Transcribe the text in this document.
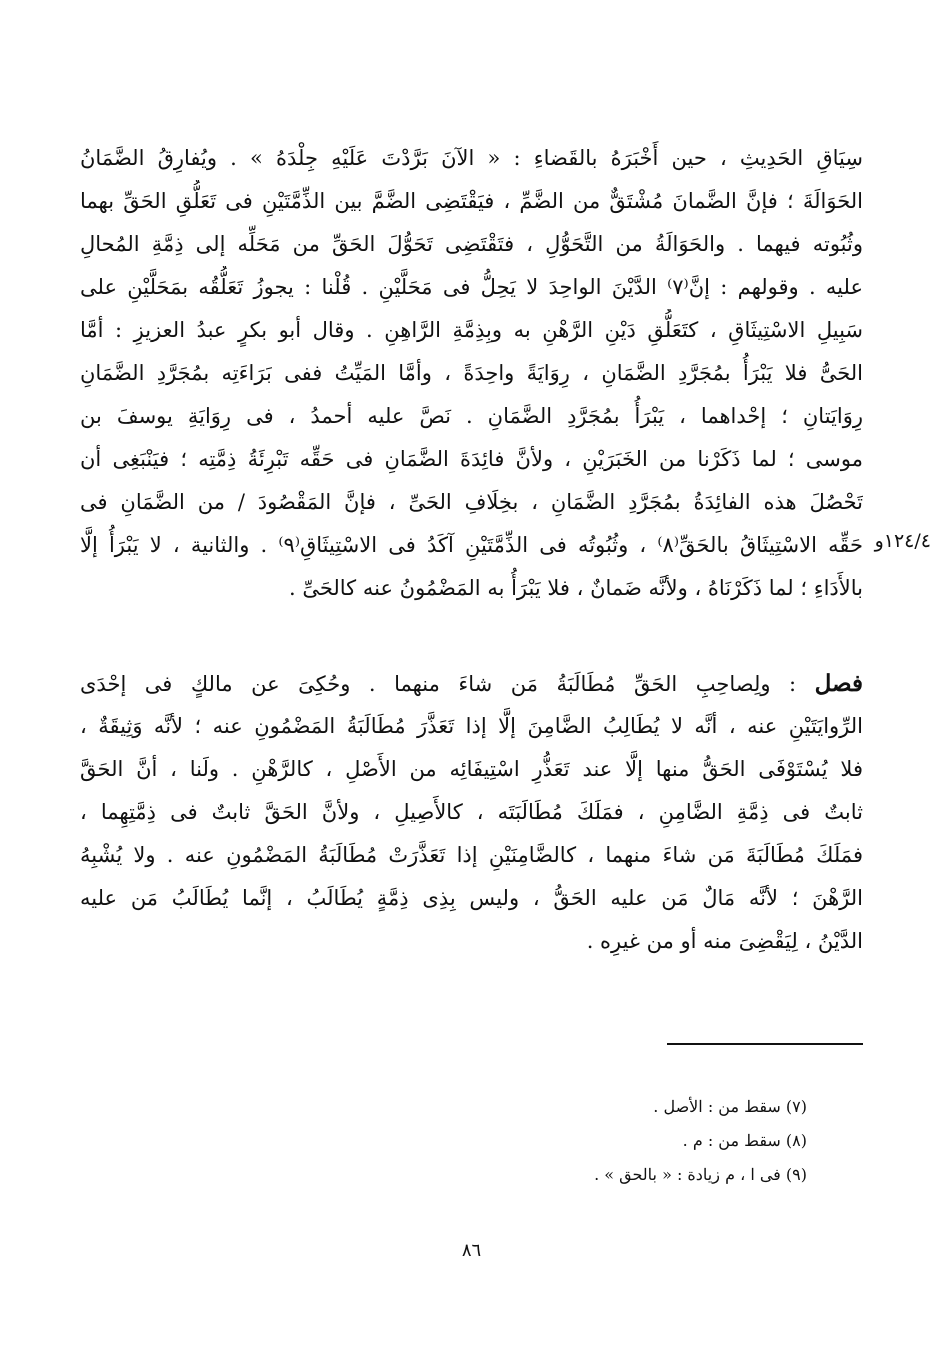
١٢٤/٤و
سِيَاقِ الحَدِيثِ ، حين أَخْبَرَهُ بالقَضاءِ : « الآنَ بَرَّدْتَ عَلَيْهِ جِلْدَهُ » . ويُفارِقُ الضَّمَانُ
الحَوَالَةَ ؛ فإنَّ الضَّمانَ مُشْتَقٌّ من الضَّمِّ ، فيَقْتَضِى الضَّمَّ بين الذِّمَّتَيْنِ فى تَعَلُّقِ الحَقِّ بهما
وثُبُوته فيهما . والحَوَالَةُ من التَّحَوُّلِ ، فتَقْتَضِى تَحَوُّلَ الحَقِّ من مَحَلِّه إلى ذِمَّةِ المُحالِ
عليه . وقولهم : إنَّ⁽٧⁾ الدَّيْنَ الواحِدَ لا يَحِلُّ فى مَحَلَّيْنِ . قُلْنا : يجوزُ تَعَلُّقُه بمَحَلَّيْنِ على
سَبِيلِ الاسْتِيثَاقِ ، كتَعَلُّقِ دَيْنِ الرَّهْنِ به وبِذِمَّةِ الرَّاهِنِ . وقال أبو بكرٍ عبدُ العزيزِ : أمَّا
الحَىُّ فلا يَبْرَأُ بمُجَرَّدِ الضَّمَانِ ، رِوَايَةً واحِدَةً ، وأمَّا المَيِّتُ ففى بَرَاءَتِه بمُجَرَّدِ الضَّمَانِ
رِوَايَتانِ ؛ إحْداهما ، يَبْرَأُ بمُجَرَّدِ الضَّمَانِ . نَصَّ عليه أحمدُ ، فى رِوَايَةِ يوسفَ بن
موسى ؛ لما ذَكَرْنا من الخَبَرَيْنِ ، ولأنَّ فائِدَةَ الضَّمَانِ فى حَقِّه تَبْرِئَةُ ذِمَّتِه ؛ فيَنْبَغِى أن
تَحْصُلَ هذه الفائِدَةُ بمُجَرَّدِ الضَّمَانِ ، بخِلَافِ الحَىِّ ، فإنَّ المَقْصُودَ / من الضَّمَانِ فى
حَقِّه الاسْتِيثَاقُ بالحَقِّ⁽٨⁾ ، وثُبُوتُه فى الذِّمَّتَيْنِ آكَدُ فى الاسْتِيثَاقِ⁽٩⁾ . والثانية ، لا يَبْرَأُ إلَّا
بالأَدَاءِ ؛ لما ذَكَرْنَاهُ ، ولأنَّه ضَمانٌ ، فلا يَبْرَأُ به المَضْمُونُ عنه كالحَىِّ .
فصل : ولِصاحِبِ الحَقِّ مُطَالَبَةُ مَن شاءَ منهما . وحُكِىَ عن مالكٍ فى إحْدَى
الرِّوايَتَيْنِ عنه ، أنَّه لا يُطَالِبُ الضَّامِنَ إلَّا إذا تَعَذَّرَ مُطَالَبَةُ المَضْمُونِ عنه ؛ لأنَّه وَثِيقَةٌ ،
فلا يُسْتَوْفَى الحَقُّ منها إلَّا عند تَعَذُّرِ اسْتِيفَائِه من الأَصْلِ ، كالرَّهْنِ . ولَنا ، أنَّ الحَقَّ
ثابتٌ فى ذِمَّةِ الضَّامِنِ ، فمَلَكَ مُطَالَبَتَه ، كالأَصِيلِ ، ولأنَّ الحَقَّ ثابتٌ فى ذِمَّتِهِما ،
فمَلَكَ مُطَالَبَةَ مَن شاءَ منهما ، كالضَّامِنَيْنِ إذا تَعَذَّرَتْ مُطَالَبَةُ المَضْمُونِ عنه . ولا يُشْبِهُ
الرَّهْنَ ؛ لأنَّه مَالٌ مَن عليه الحَقُّ ، وليس بِذِى ذِمَّةٍ يُطَالَبُ ، إنَّما يُطَالَبُ مَن عليه
الدَّيْنُ ، لِيَقْضِىَ منه أو من غيرِه .
(٧) سقط من : الأصل .
(٨) سقط من : م .
(٩) فى ا ، م زيادة : « بالحق » .
٨٦
